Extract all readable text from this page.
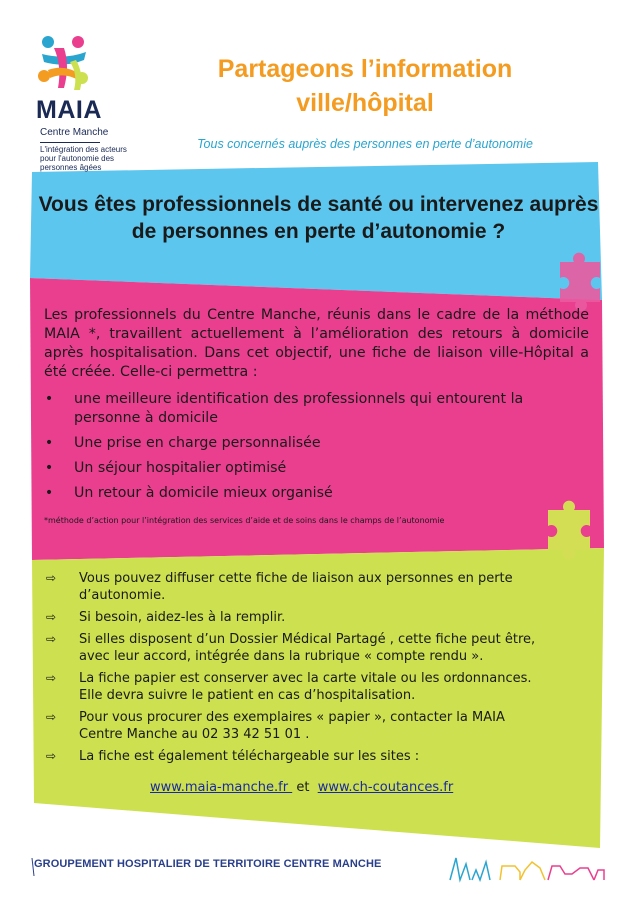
MAIA
Centre Manche
L'intégration des acteurs pour l'autonomie des personnes âgées
Partageons l’information ville/hôpital
Tous concernés auprès des personnes en perte d’autonomie
Vous êtes professionnels de santé ou intervenez auprès de personnes en perte d’autonomie ?
Les professionnels du Centre Manche, réunis dans le cadre de la méthode MAIA *, travaillent actuellement à l’amélioration des retours à domicile après hospitalisation. Dans cet objectif, une fiche de liaison ville-Hôpital a été créée. Celle-ci permettra :
• une meilleure identification des professionnels qui entourent la personne à domicile
• Une prise en charge personnalisée
• Un séjour hospitalier optimisé
• Un retour à domicile mieux organisé
*méthode d’action pour l’intégration des services d’aide et de soins dans le champs de l’autonomie
⇨ Vous pouvez diffuser cette fiche de liaison aux personnes en perte d’autonomie.
⇨ Si besoin, aidez-les à la remplir.
⇨ Si elles disposent d’un Dossier Médical Partagé , cette fiche peut être, avec leur accord, intégrée dans la rubrique « compte rendu ».
⇨ La fiche papier est conserver avec la carte vitale ou les ordonnances. Elle devra suivre le patient en cas d’hospitalisation.
⇨ Pour vous procurer des exemplaires « papier », contacter la MAIA Centre Manche au 02 33 42 51 01 .
⇨ La fiche est également téléchargeable sur les sites :
www.maia-manche.fr  et  www.ch-coutances.fr
GROUPEMENT HOSPITALIER DE TERRITOIRE CENTRE MANCHE
